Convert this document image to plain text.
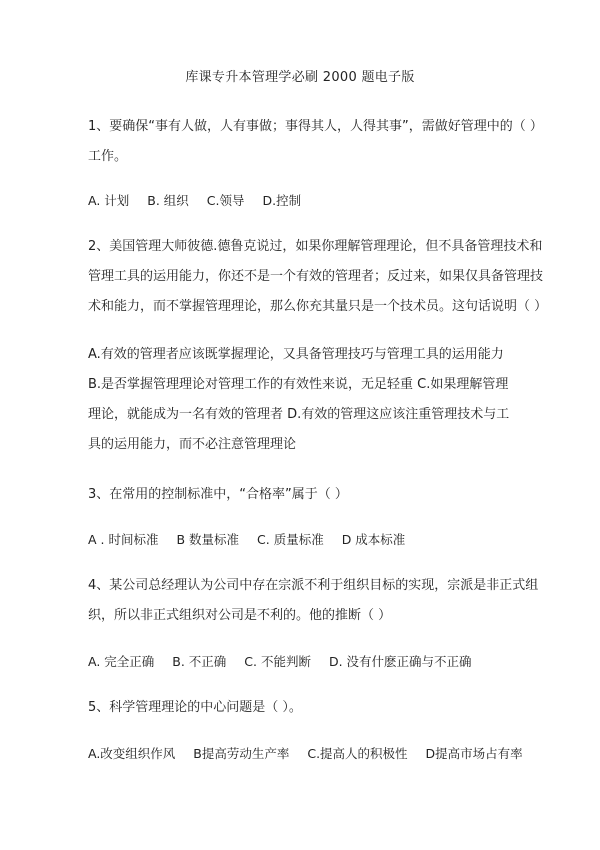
库课专升本管理学必刷 2000 题电子版
1、要确保“事有人做，人有事做；事得其人，人得其事”，需做好管理中的（ ）
工作。
A. 计划 B. 组织 C.领导 D.控制
2、美国管理大师彼德.德鲁克说过，如果你理解管理理论，但不具备管理技术和
管理工具的运用能力，你还不是一个有效的管理者；反过来，如果仅具备管理技
术和能力，而不掌握管理理论，那么你充其量只是一个技术员。这句话说明（ ）
A.有效的管理者应该既掌握理论，又具备管理技巧与管理工具的运用能力 B.是否掌握管理理论对管理工作的有效性来说，无足轻重 C.如果理解管理理论，就能成为一名有效的管理者 D.有效的管理这应该注重管理技术与工具的运用能力，而不必注意管理理论
3、在常用的控制标准中，“合格率”属于（ ）
A . 时间标准 B 数量标准 C. 质量标准 D 成本标准
4、某公司总经理认为公司中存在宗派不利于组织目标的实现，宗派是非正式组
织，所以非正式组织对公司是不利的。他的推断（ ）
A. 完全正确 B. 不正确 C. 不能判断 D. 没有什麽正确与不正确
5、科学管理理论的中心问题是（ ）。
A.改变组织作风 B提高劳动生产率 C.提高人的积极性 D提高市场占有率
